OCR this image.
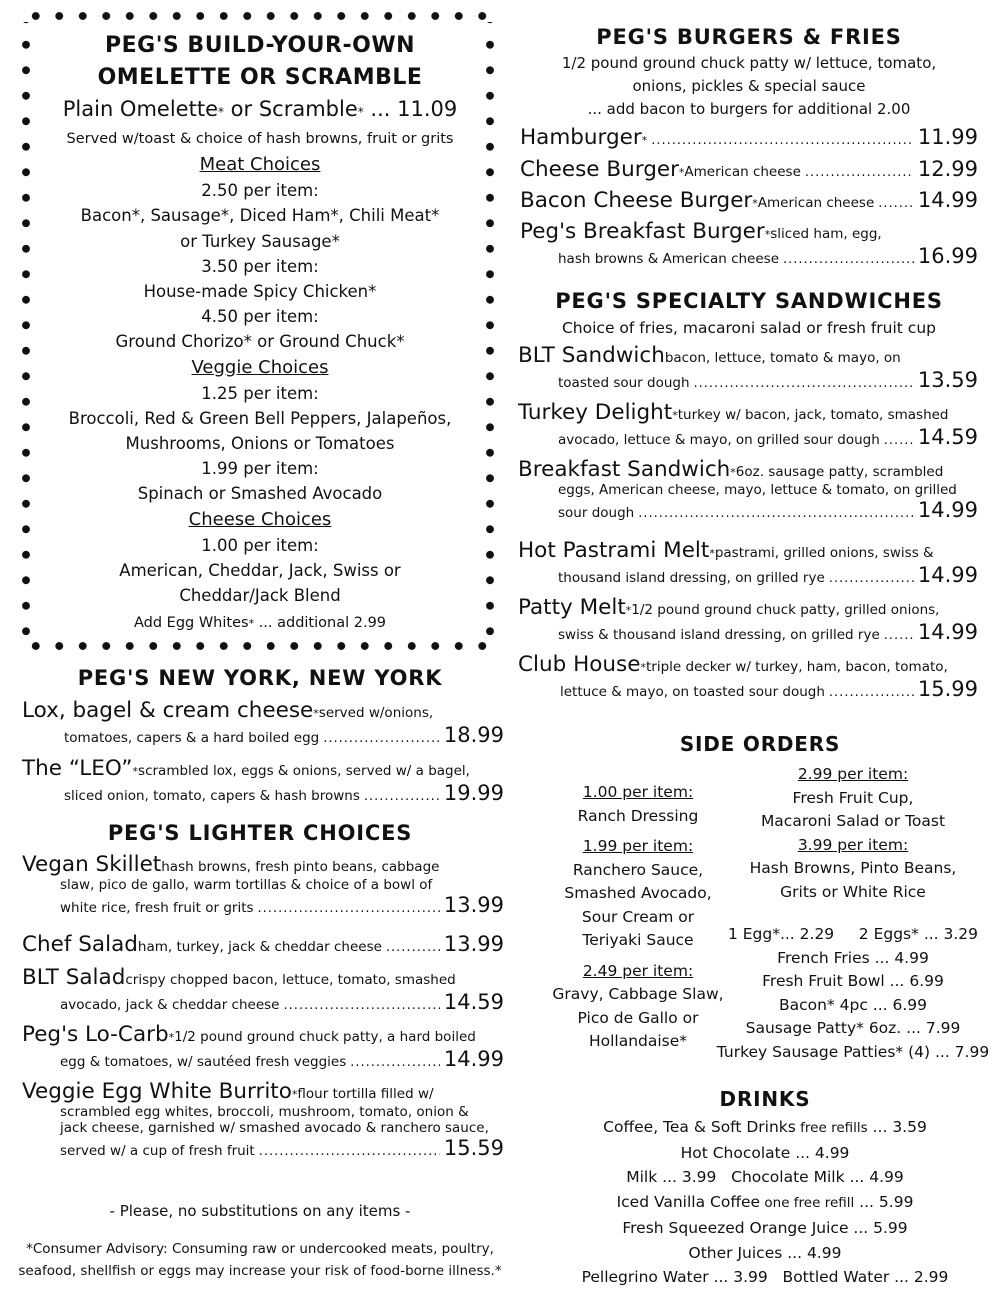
PEG'S BUILD-YOUR-OWN
OMELETTE OR SCRAMBLE
Plain Omelette* or Scramble* ... 11.09
Served w/toast & choice of hash browns, fruit or grits
Meat Choices
2.50 per item:
Bacon*, Sausage*, Diced Ham*, Chili Meat*
or Turkey Sausage*
3.50 per item:
House-made Spicy Chicken*
4.50 per item:
Ground Chorizo* or Ground Chuck*
Veggie Choices
1.25 per item:
Broccoli, Red & Green Bell Peppers, Jalapeños,
Mushrooms, Onions or Tomatoes
1.99 per item:
Spinach or Smashed Avocado
Cheese Choices
1.00 per item:
American, Cheddar, Jack, Swiss or
Cheddar/Jack Blend
Add Egg Whites* ... additional 2.99
PEG'S NEW YORK, NEW YORK
Lox, bagel & cream cheese * served w/onions,
tomatoes, capers & a hard boiled egg .....	18.99
The “LEO” * scrambled lox, eggs & onions, served w/ a bagel,
sliced onion, tomato, capers & hash browns .....	19.99
PEG'S LIGHTER CHOICES
Vegan Skillet hash browns, fresh pinto beans, cabbage
slaw, pico de gallo, warm tortillas & choice of a bowl of
white rice, fresh fruit or grits .....	13.99
Chef Salad ham, turkey, jack & cheddar cheese .....	13.99
BLT Salad crispy chopped bacon, lettuce, tomato, smashed
avocado, jack & cheddar cheese .....	14.59
Peg's Lo-Carb * 1/2 pound ground chuck patty, a hard boiled
egg & tomatoes, w/ sautéed fresh veggies .....	14.99
Veggie Egg White Burrito * flour tortilla filled w/
scrambled egg whites, broccoli, mushroom, tomato, onion &
jack cheese, garnished w/ smashed avocado & ranchero sauce,
served w/ a cup of fresh fruit .....	15.59
- Please, no substitutions on any items -
*Consumer Advisory: Consuming raw or undercooked meats, poultry,
seafood, shellfish or eggs may increase your risk of food-borne illness.*
PEG'S BURGERS & FRIES
1/2 pound ground chuck patty w/ lettuce, tomato,
onions, pickles & special sauce
... add bacon to burgers for additional 2.00
Hamburger * .....	11.99
Cheese Burger * American cheese .....	12.99
Bacon Cheese Burger * American cheese ..... 14.99
Peg's Breakfast Burger * sliced ham, egg,
hash browns & American cheese .....	16.99
PEG'S SPECIALTY SANDWICHES
Choice of fries, macaroni salad or fresh fruit cup
BLT Sandwich bacon, lettuce, tomato & mayo, on
toasted sour dough .....	13.59
Turkey Delight * turkey w/ bacon, jack, tomato, smashed
avocado, lettuce & mayo, on grilled sour dough ..... 14.59
Breakfast Sandwich * 6oz. sausage patty, scrambled
eggs, American cheese, mayo, lettuce & tomato, on grilled
sour dough .....	14.99
Hot Pastrami Melt * pastrami, grilled onions, swiss &
thousand island dressing, on grilled rye .....	14.99
Patty Melt * 1/2 pound ground chuck patty, grilled onions,
swiss & thousand island dressing, on grilled rye ..... 14.99
Club House * triple decker w/ turkey, ham, bacon, tomato,
lettuce & mayo, on toasted sour dough .....	15.99
SIDE ORDERS
1.00 per item:
Ranch Dressing
1.99 per item:
Ranchero Sauce,
Smashed Avocado,
Sour Cream or
Teriyaki Sauce
2.49 per item:
Gravy, Cabbage Slaw,
Pico de Gallo or
Hollandaise*
2.99 per item:
Fresh Fruit Cup,
Macaroni Salad or Toast
3.99 per item:
Hash Browns, Pinto Beans,
Grits or White Rice
1 Egg*... 2.29     2 Eggs* ... 3.29
French Fries ... 4.99
Fresh Fruit Bowl ... 6.99
Bacon* 4pc ... 6.99
Sausage Patty* 6oz. ... 7.99
Turkey Sausage Patties* (4) ... 7.99
DRINKS
Coffee, Tea & Soft Drinks free refills ... 3.59
Hot Chocolate ... 4.99
Milk ... 3.99   Chocolate Milk ... 4.99
Iced Vanilla Coffee one free refill ... 5.99
Fresh Squeezed Orange Juice ... 5.99
Other Juices ... 4.99
Pellegrino Water ... 3.99   Bottled Water ... 2.99
